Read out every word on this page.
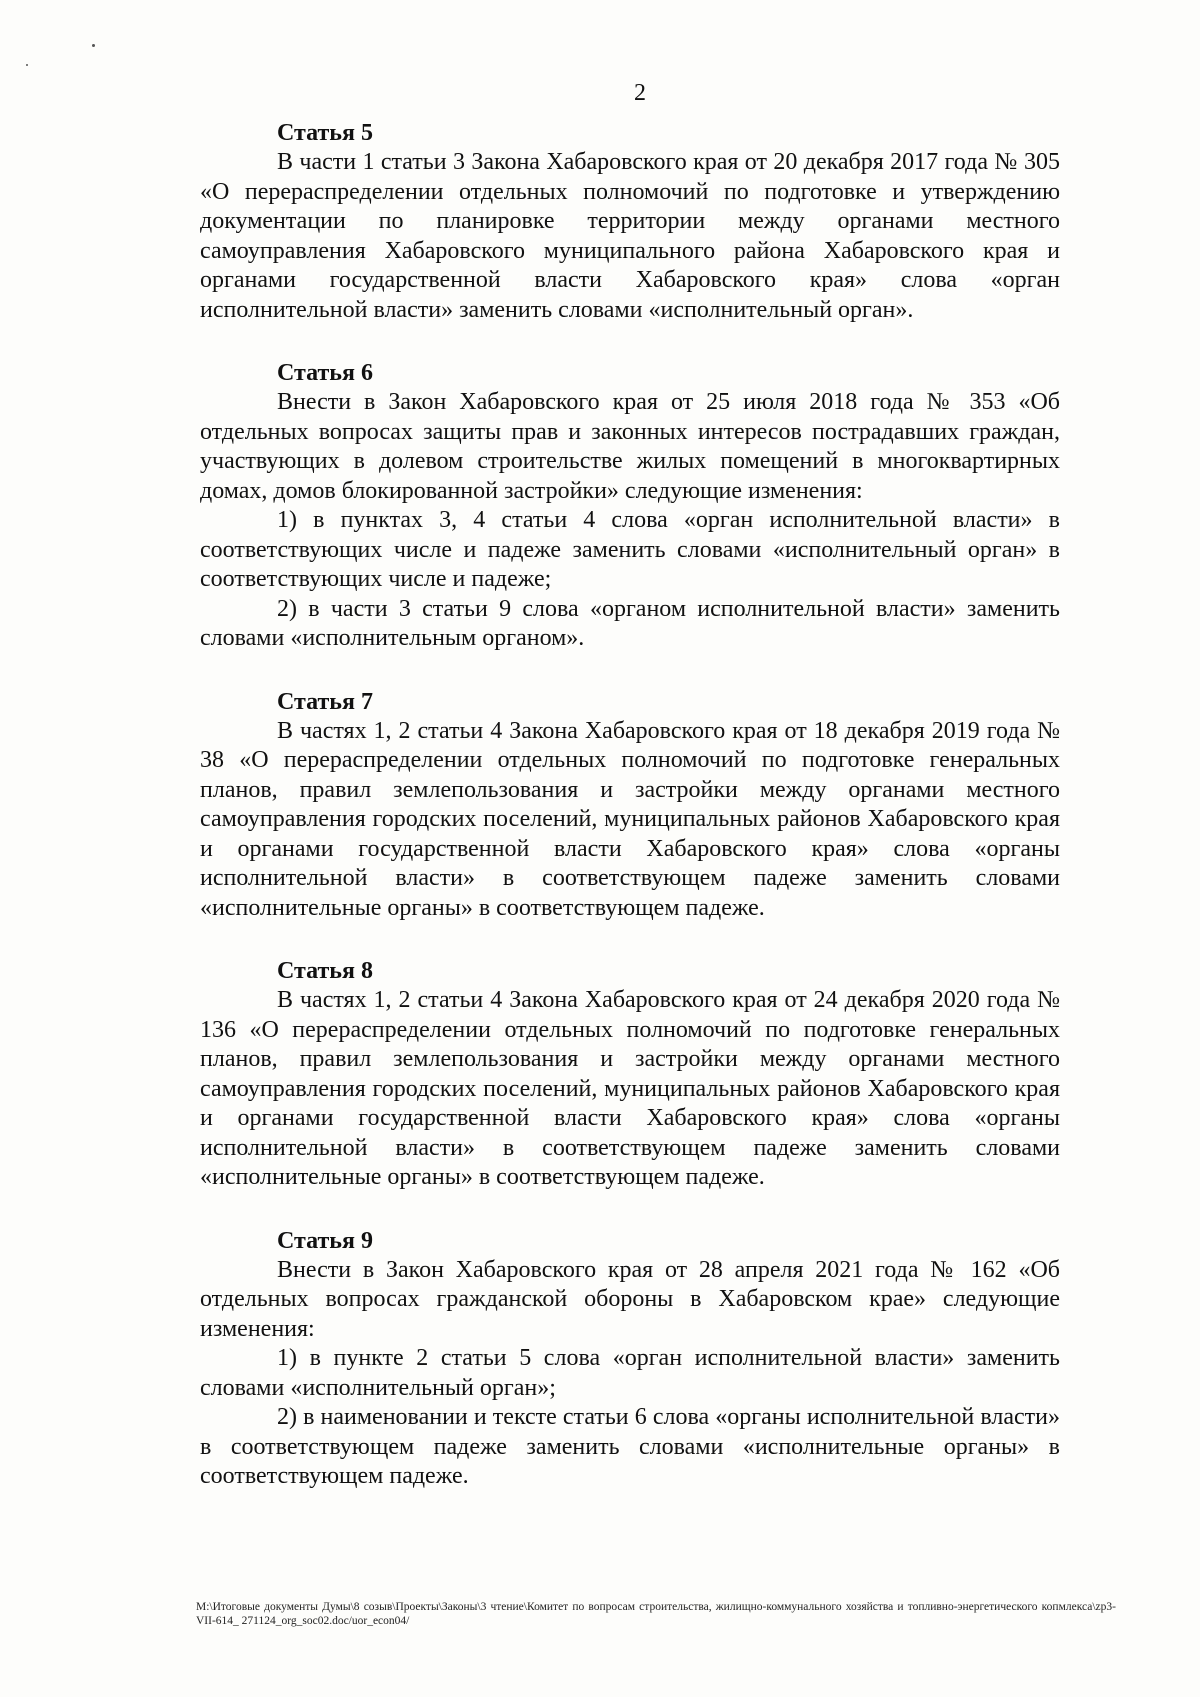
2

Статья 5

В части 1 статьи 3 Закона Хабаровского края от 20 декабря 2017 года № 305 «О перераспределении отдельных полномочий по подготовке и утверждению документации по планировке территории между органами местного самоуправления Хабаровского муниципального района Хабаровского края и органами государственной власти Хабаровского края» слова «орган исполнительной власти» заменить словами «исполнительный орган».

Статья 6

Внести в Закон Хабаровского края от 25 июля 2018 года № 353 «Об отдельных вопросах защиты прав и законных интересов пострадавших граждан, участвующих в долевом строительстве жилых помещений в многоквартирных домах, домов блокированной застройки» следующие изменения:

1) в пунктах 3, 4 статьи 4 слова «орган исполнительной власти» в соответствующих числе и падеже заменить словами «исполнительный орган» в соответствующих числе и падеже;

2) в части 3 статьи 9 слова «органом исполнительной власти» заменить словами «исполнительным органом».

Статья 7

В частях 1, 2 статьи 4 Закона Хабаровского края от 18 декабря 2019 года № 38 «О перераспределении отдельных полномочий по подготовке генеральных планов, правил землепользования и застройки между органами местного самоуправления городских поселений, муниципальных районов Хабаровского края и органами государственной власти Хабаровского края» слова «органы исполнительной власти» в соответствующем падеже заменить словами «исполнительные органы» в соответствующем падеже.

Статья 8

В частях 1, 2 статьи 4 Закона Хабаровского края от 24 декабря 2020 года № 136 «О перераспределении отдельных полномочий по подготовке генеральных планов, правил землепользования и застройки между органами местного самоуправления городских поселений, муниципальных районов Хабаровского края и органами государственной власти Хабаровского края» слова «органы исполнительной власти» в соответствующем падеже заменить словами «исполнительные органы» в соответствующем падеже.

Статья 9

Внести в Закон Хабаровского края от 28 апреля 2021 года № 162 «Об отдельных вопросах гражданской обороны в Хабаровском крае» следующие изменения:

1) в пункте 2 статьи 5 слова «орган исполнительной власти» заменить словами «исполнительный орган»;

2) в наименовании и тексте статьи 6 слова «органы исполнительной власти» в соответствующем падеже заменить словами «исполнительные органы» в соответствующем падеже.

M:\Итоговые документы Думы\8 созыв\Проекты\Законы\3 чтение\Комитет по вопросам строительства, жилищно-коммунального хозяйства и топливно-энергетического копмлекса\zp3-VII-614_ 271124_org_soc02.doc/uor_econ04/
